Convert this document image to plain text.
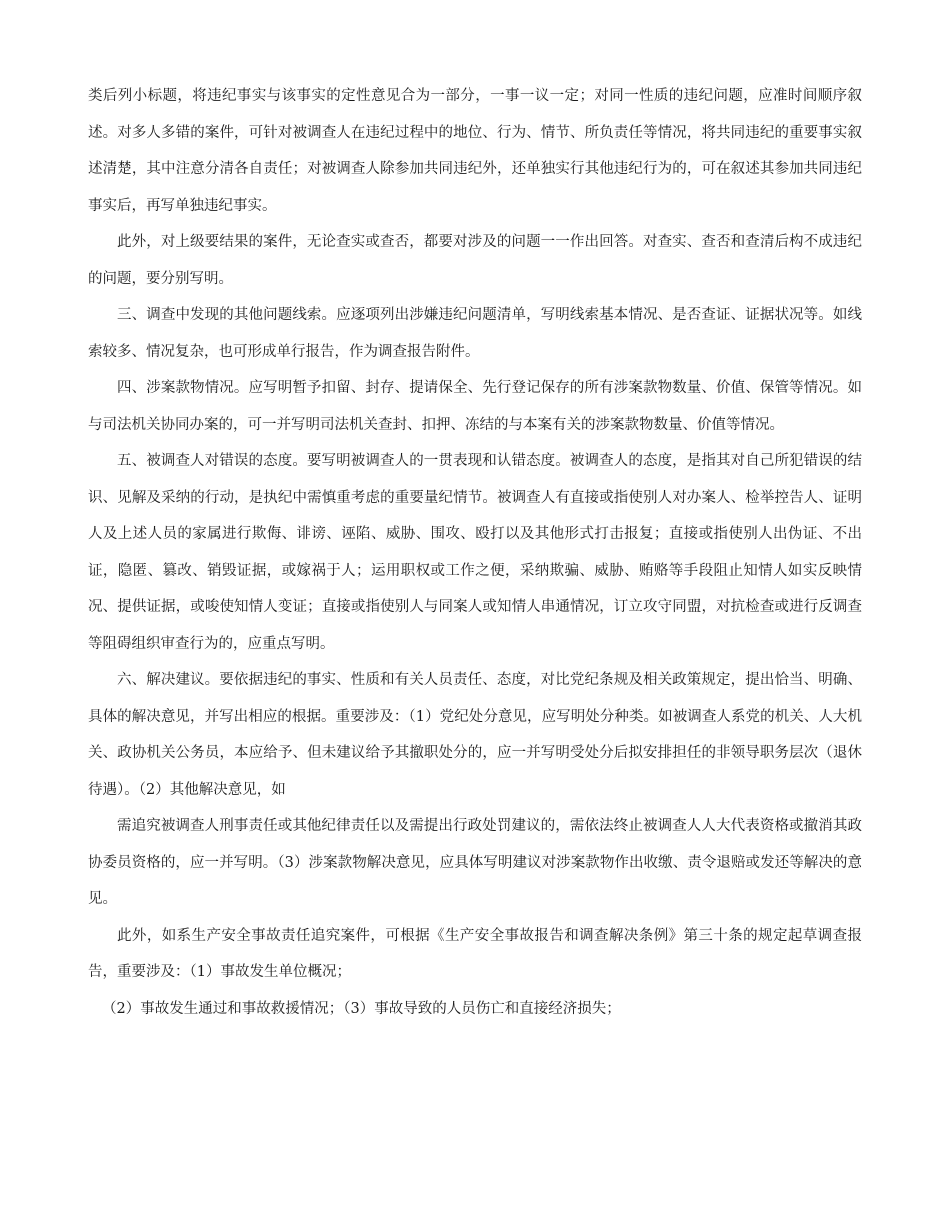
类后列小标题，将违纪事实与该事实的定性意见合为一部分，一事一议一定；对同一性质的违纪问题，应准时间顺序叙述。对多人多错的案件，可针对被调查人在违纪过程中的地位、行为、情节、所负责任等情况，将共同违纪的重要事实叙述清楚，其中注意分清各自责任；对被调查人除参加共同违纪外，还单独实行其他违纪行为的，可在叙述其参加共同违纪事实后，再写单独违纪事实。

此外，对上级要结果的案件，无论查实或查否，都要对涉及的问题一一作出回答。对查实、查否和查清后构不成违纪的问题，要分别写明。

三、调查中发现的其他问题线索。应逐项列出涉嫌违纪问题清单，写明线索基本情况、是否查证、证据状况等。如线索较多、情况复杂，也可形成单行报告，作为调查报告附件。

四、涉案款物情况。应写明暂予扣留、封存、提请保全、先行登记保存的所有涉案款物数量、价值、保管等情况。如与司法机关协同办案的，可一并写明司法机关查封、扣押、冻结的与本案有关的涉案款物数量、价值等情况。

五、被调查人对错误的态度。要写明被调查人的一贯表现和认错态度。被调查人的态度，是指其对自己所犯错误的结识、见解及采纳的行动，是执纪中需慎重考虑的重要量纪情节。被调查人有直接或指使别人对办案人、检举控告人、证明人及上述人员的家属进行欺侮、诽谤、诬陷、威胁、围攻、殴打以及其他形式打击报复；直接或指使别人出伪证、不出证，隐匿、篡改、销毁证据，或嫁祸于人；运用职权或工作之便，采纳欺骗、威胁、贿赂等手段阻止知情人如实反映情况、提供证据，或唆使知情人变证；直接或指使别人与同案人或知情人串通情况，订立攻守同盟，对抗检查或进行反调查等阻碍组织审查行为的，应重点写明。

六、解决建议。要依据违纪的事实、性质和有关人员责任、态度，对比党纪条规及相关政策规定，提出恰当、明确、具体的解决意见，并写出相应的根据。重要涉及：（1）党纪处分意见，应写明处分种类。如被调查人系党的机关、人大机关、政协机关公务员，本应给予、但未建议给予其撤职处分的，应一并写明受处分后拟安排担任的非领导职务层次（退休待遇）。（2）其他解决意见，如

需追究被调查人刑事责任或其他纪律责任以及需提出行政处罚建议的，需依法终止被调查人人大代表资格或撤消其政协委员资格的，应一并写明。（3）涉案款物解决意见，应具体写明建议对涉案款物作出收缴、责令退赔或发还等解决的意见。

此外，如系生产安全事故责任追究案件，可根据《生产安全事故报告和调查解决条例》第三十条的规定起草调查报告，重要涉及：（1）事故发生单位概况；

（2）事故发生通过和事故救援情况；（3）事故导致的人员伤亡和直接经济损失；
